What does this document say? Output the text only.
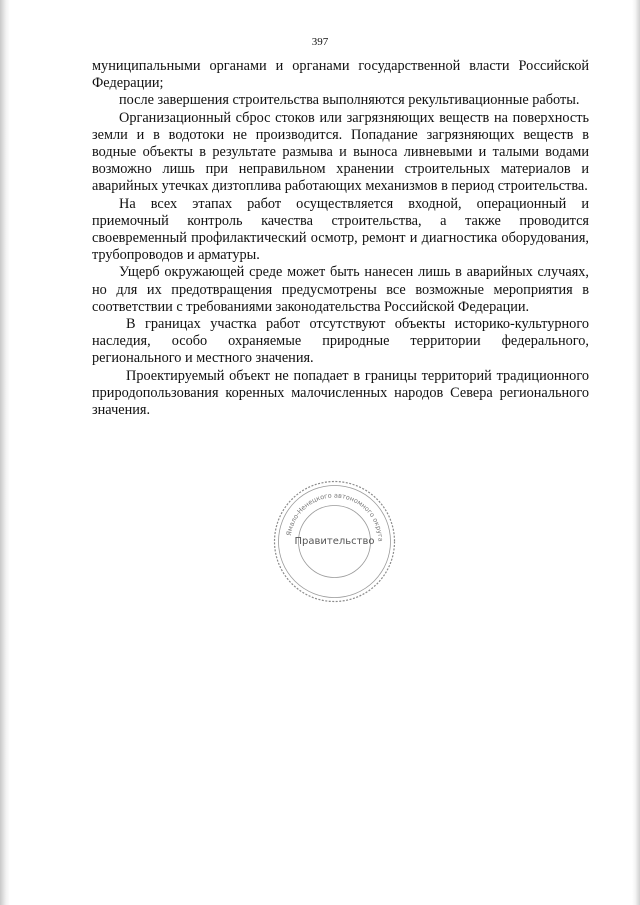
397

муниципальными органами и органами государственной власти Российской Федерации;

после завершения строительства выполняются рекультивационные работы.

Организационный сброс стоков или загрязняющих веществ на поверхность земли и в водотоки не производится. Попадание загрязняющих веществ в водные объекты в результате размыва и выноса ливневыми и талыми водами возможно лишь при неправильном хранении строительных материалов и аварийных утечках дизтоплива работающих механизмов в период строительства.

На всех этапах работ осуществляется входной, операционный и приемочный контроль качества строительства, а также проводится своевременный профилактический осмотр, ремонт и диагностика оборудования, трубопроводов и арматуры.

Ущерб окружающей среде может быть нанесен лишь в аварийных случаях, но для их предотвращения предусмотрены все возможные мероприятия в соответствии с требованиями законодательства Российской Федерации.

В границах участка работ отсутствуют объекты историко-культурного наследия, особо охраняемые природные территории федерального, регионального и местного значения.

Проектируемый объект не попадает в границы территорий традиционного природопользования коренных малочисленных народов Севера регионального значения.

Ямало-Ненецкого автономного округа
Правительство
